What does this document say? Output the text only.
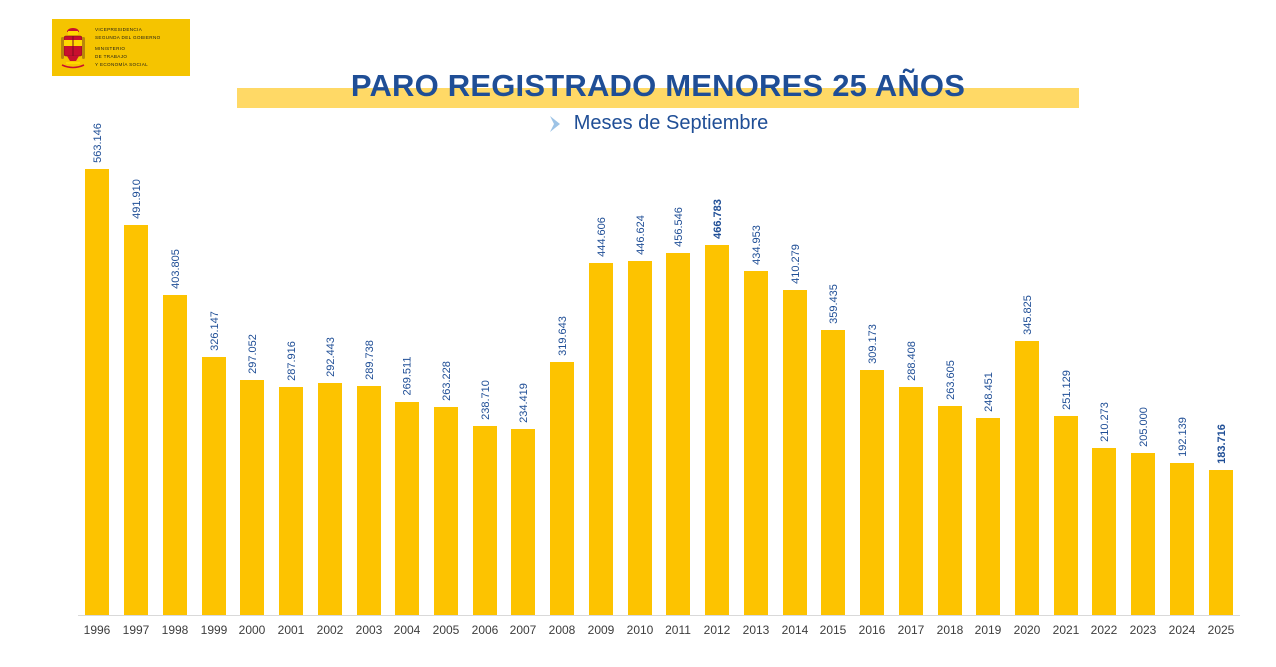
VICEPRESIDENCIA
SEGUNDA DEL GOBIERNO
MINISTERIO
DE TRABAJO
Y ECONOMÍA SOCIAL
PARO REGISTRADO MENORES 25 AÑOS
Meses de Septiembre
563.146
491.910
403.805
326.147
297.052	287.916	292.443	289.738	269.511	263.228	238.710	234.419
319.643
444.606	446.624	456.546	466.783
434.953	410.279
359.435
309.173	288.408	263.605	248.451
345.825
251.129
210.273	205.000	192.139	183.716
1996	1997	1998	1999 2000	2001	2002	2003 2004	2005	2006 2007	2008	2009	2010 2011	2012	2013	2014 2015	2016	2017	2018 2019	2020	2021 2022	2023	2024	2025
